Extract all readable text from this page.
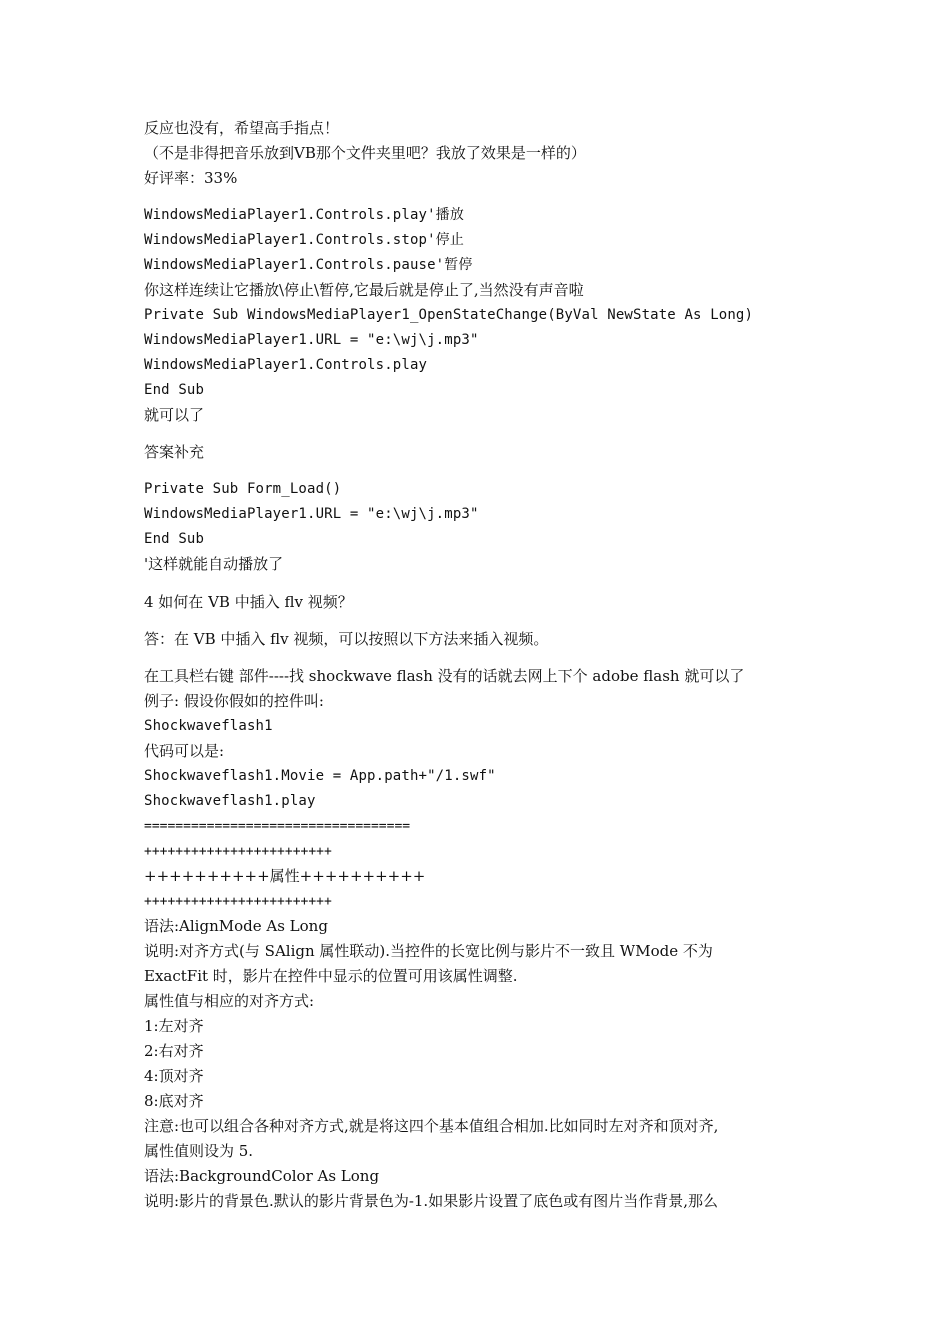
反应也没有，希望高手指点！
（不是非得把音乐放到VB那个文件夹里吧？我放了效果是一样的）
好评率：33%
WindowsMediaPlayer1.Controls.play'播放
WindowsMediaPlayer1.Controls.stop'停止
WindowsMediaPlayer1.Controls.pause'暂停
你这样连续让它播放\停止\暂停,它最后就是停止了,当然没有声音啦
Private Sub WindowsMediaPlayer1_OpenStateChange(ByVal NewState As Long)
WindowsMediaPlayer1.URL = "e:\wj\j.mp3"
WindowsMediaPlayer1.Controls.play
End Sub
就可以了
答案补充
Private Sub Form_Load()
WindowsMediaPlayer1.URL = "e:\wj\j.mp3"
End Sub
'这样就能自动播放了
4 如何在 VB 中插入 flv 视频？
答：在 VB 中插入 flv 视频，可以按照以下方法来插入视频。
在工具栏右键 部件----找 shockwave flash 没有的话就去网上下个 adobe flash 就可以了
例子: 假设你假如的控件叫:
Shockwaveflash1
代码可以是:
Shockwaveflash1.Movie = App.path+"/1.swf"
Shockwaveflash1.play
==================================
++++++++++++++++++++++++
++++++++++属性++++++++++
++++++++++++++++++++++++
语法:AlignMode As Long
说明:对齐方式(与 SAlign 属性联动).当控件的长宽比例与影片不一致且 WMode 不为
ExactFit 时，影片在控件中显示的位置可用该属性调整.
属性值与相应的对齐方式:
1:左对齐
2:右对齐
4:顶对齐
8:底对齐
注意:也可以组合各种对齐方式,就是将这四个基本值组合相加.比如同时左对齐和顶对齐,
属性值则设为 5.
语法:BackgroundColor As Long
说明:影片的背景色.默认的影片背景色为-1.如果影片设置了底色或有图片当作背景,那么
